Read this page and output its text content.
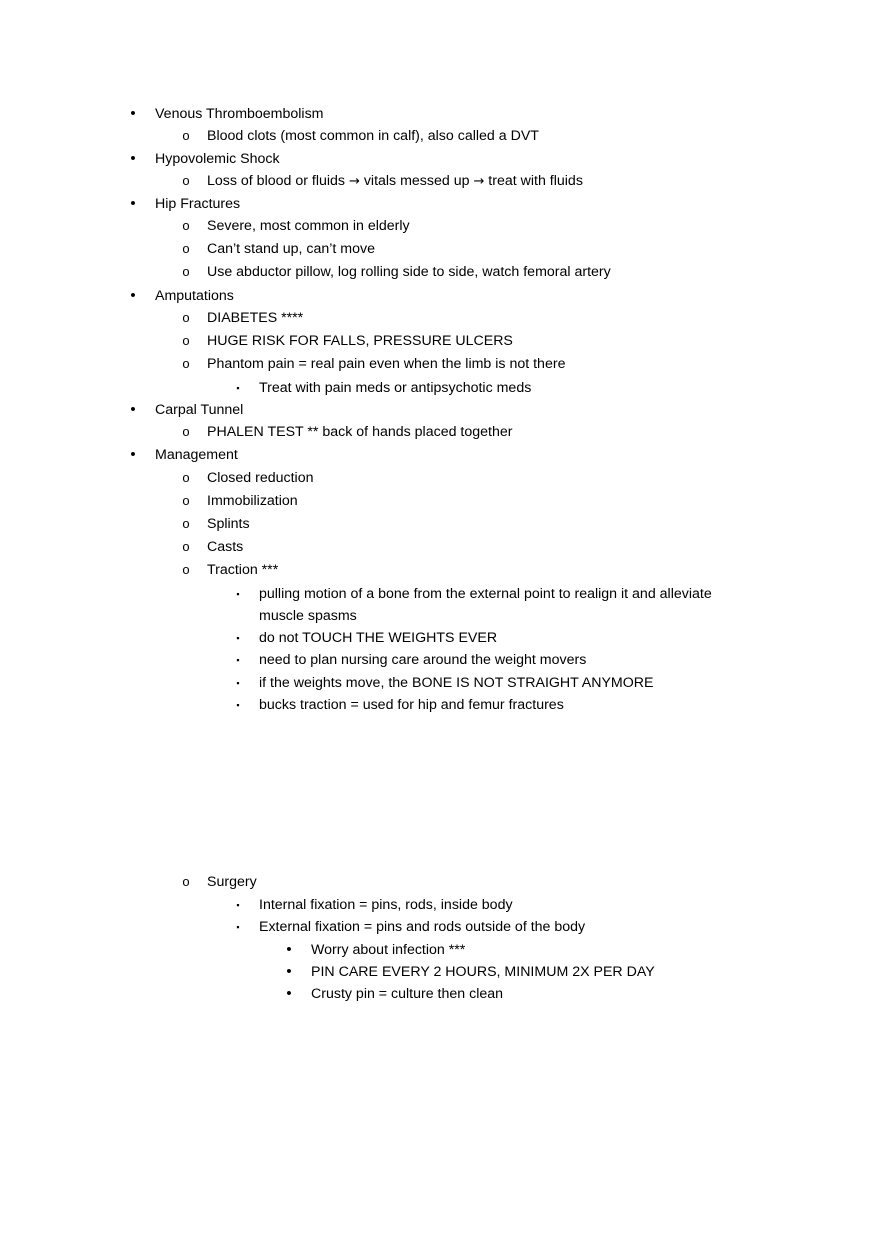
•	Venous Thromboembolism
o	Blood clots (most common in calf), also called a DVT
•	Hypovolemic Shock
o	Loss of blood or fluids → vitals messed up → treat with fluids
•	Hip Fractures
o	Severe, most common in elderly
o	Can’t stand up, can’t move
o	Use abductor pillow, log rolling side to side, watch femoral artery
•	Amputations
o	DIABETES ****
o	HUGE RISK FOR FALLS, PRESSURE ULCERS
o	Phantom pain = real pain even when the limb is not there
▪	Treat with pain meds or antipsychotic meds
•	Carpal Tunnel
o	PHALEN TEST ** back of hands placed together
•	Management
o	Closed reduction
o	Immobilization
o	Splints
o	Casts
o	Traction ***
▪	pulling motion of a bone from the external point to realign it and alleviate
muscle spasms
▪	do not TOUCH THE WEIGHTS EVER
▪	need to plan nursing care around the weight movers
▪	if the weights move, the BONE IS NOT STRAIGHT ANYMORE
▪	bucks traction = used for hip and femur fractures
o	Surgery
▪	Internal fixation = pins, rods, inside body
▪	External fixation = pins and rods outside of the body
•	Worry about infection ***
•	PIN CARE EVERY 2 HOURS, MINIMUM 2X PER DAY
•	Crusty pin = culture then clean
